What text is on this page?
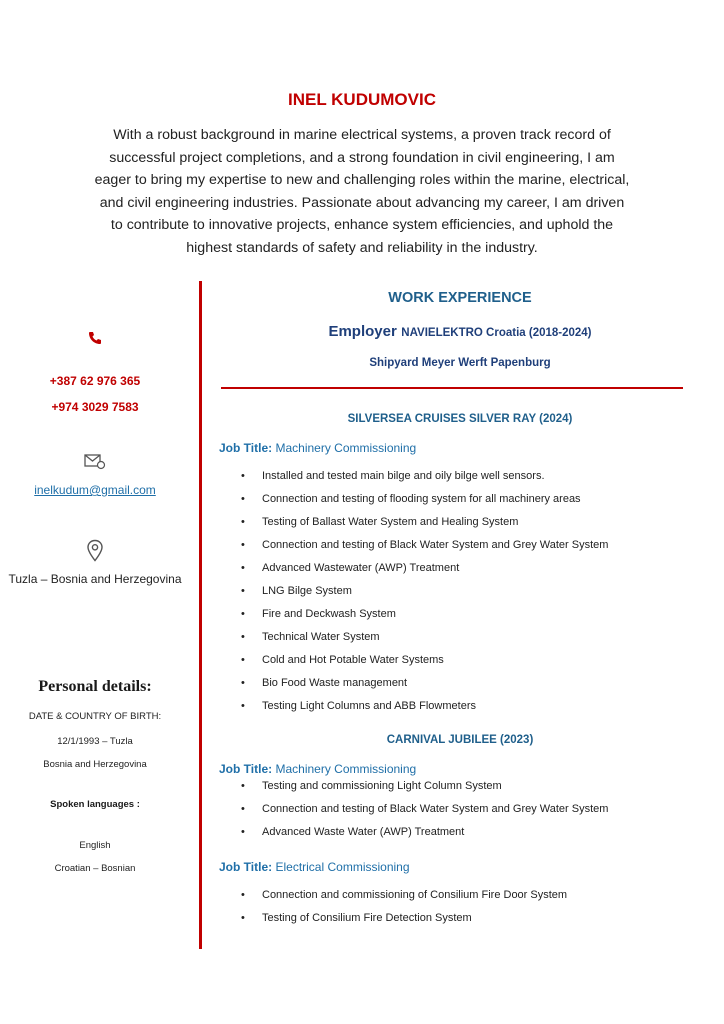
INEL KUDUMOVIC
With a robust background in marine electrical systems, a proven track record of successful project completions, and a strong foundation in civil engineering, I am eager to bring my expertise to new and challenging roles within the marine, electrical, and civil engineering industries. Passionate about advancing my career, I am driven to contribute to innovative projects, enhance system efficiencies, and uphold the highest standards of safety and reliability in the industry.
+387 62 976 365
+974 3029 7583
inelkudum@gmail.com
Tuzla – Bosnia and Herzegovina
Personal details:
DATE & COUNTRY OF BIRTH:
12/1/1993 – Tuzla
Bosnia and Herzegovina
Spoken languages :
English
Croatian – Bosnian
WORK EXPERIENCE
Employer NAVIELEKTRO Croatia (2018-2024)
Shipyard Meyer Werft Papenburg
SILVERSEA CRUISES SILVER RAY (2024)
Job Title: Machinery Commissioning
• Installed and tested main bilge and oily bilge well sensors.
• Connection and testing of flooding system for all machinery areas
• Testing of Ballast Water System and Healing System
• Connection and testing of Black Water System and Grey Water System
• Advanced Wastewater (AWP) Treatment
• LNG Bilge System
• Fire and Deckwash System
• Technical Water System
• Cold and Hot Potable Water Systems
• Bio Food Waste management
• Testing Light Columns and ABB Flowmeters
CARNIVAL JUBILEE (2023)
Job Title: Machinery Commissioning
• Testing and commissioning Light Column System
• Connection and testing of Black Water System and Grey Water System
• Advanced Waste Water (AWP) Treatment
Job Title: Electrical Commissioning
• Connection and commissioning of Consilium Fire Door System
• Testing of Consilium Fire Detection System
